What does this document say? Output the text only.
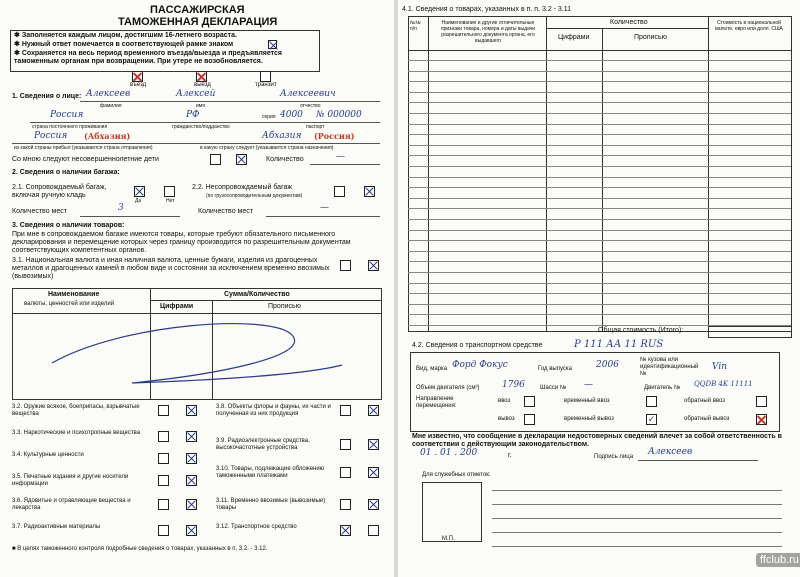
ПАССАЖИРСКАЯ
ТАМОЖЕННАЯ ДЕКЛАРАЦИЯ
✱ Заполняется каждым лицом, достигшим 16-летнего возраста.
✱ Нужный ответ помечается в соответствующей рамке знаком
✱ Сохраняется на весь период временного въезда/выезда и предъявляется таможенным органам при возвращении. При утере не возобновляется.
въезд	выезд	транзит
1. Сведения о лице: Алексеев	Алексей	Алексеевич
фамилия	имя	отчество
Россия	РФ	серия 4000 № 000000
страна постоянного проживания	гражданство/подданство	паспорт
Россия (Абхазия)	Абхазия (Россия)
из какой страны прибыл (указывается страна отправления)	в какую страну следует (указывается страна назначения)
Со мною следуют несовершеннолетние дети	Количество	—
2. Сведения о наличии багажа:
2.1. Сопровождаемый багаж, включая ручную кладь
Да	Нет
2.2. Несопровождаемый багаж
(по грузосопроводительным документам)
Количество мест	3	Количество мест	—
3. Сведения о наличии товаров:
При мне в сопровождаемом багаже имеются товары, которые требуют обязательного письменного декларирования и перемещение которых через границу производится по разрешительным документам соответствующих компетентных органов.
3.1. Национальная валюта и иная наличная валюта, ценные бумаги, изделия из драгоценных металлов и драгоценных камней в любом виде и состоянии за исключением временно ввозимых (вывозимых)
Наименование
валюты, ценностей или изделий
Сумма/Количество
Цифрами	Прописью
■ В целях таможенного контроля подробные сведения о товарах, указанных в п. 3.2. - 3.12.
3.2. Оружие всякое, боеприпасы, взрывчатые вещества
3.3. Наркотические и психотропные вещества
3.4. Культурные ценности
3.5. Печатные издания и другие носители информации
3.6. Ядовитые и отравляющие вещества и лекарства
3.7. Радиоактивные материалы
3.8. Объекты флоры и фауны, их части и полученная из них продукция
3.9. Радиоэлектронные средства, высокочастотные устройства
3.10. Товары, подлежащие обложению таможенными платежами
3.11. Временно ввозимые (вывозимые) товары
3.12. Транспортное средство
4.1. Сведения о товарах, указанных в п. п. 3.2 - 3.11
№№ п/п
Наименование и другие отличительные признаки товара, номера и даты выдачи разрешительного документа органа, его выдавшего
Количество
Цифрами	Прописью
Стоимость в национальной валюте, евро или долл. США
Общая стоимость (Итого):
4.2. Сведения о транспортном средстве	Р 111 АА 11 RUS
Вид, марка Форд Фокус	Год выпуска	2006	№ кузова или идентификационный №
Vin
Объем двигателя (см³)	1796	Шасси № —	Двигатель № QQDB 4K 11111
Направление перемещения:
ввоз	временный ввоз	обратный ввоз
вывоз	временный вывоз	✓	обратный вывоз
Мне известно, что сообщение в декларации недостоверных сведений влечет за собой ответственность в соответствии с действующим законодательством.
01 . 01 . 200	г.	Подпись лица Алексеев
Для служебных отметок:
М.П.
ffclub.ru
